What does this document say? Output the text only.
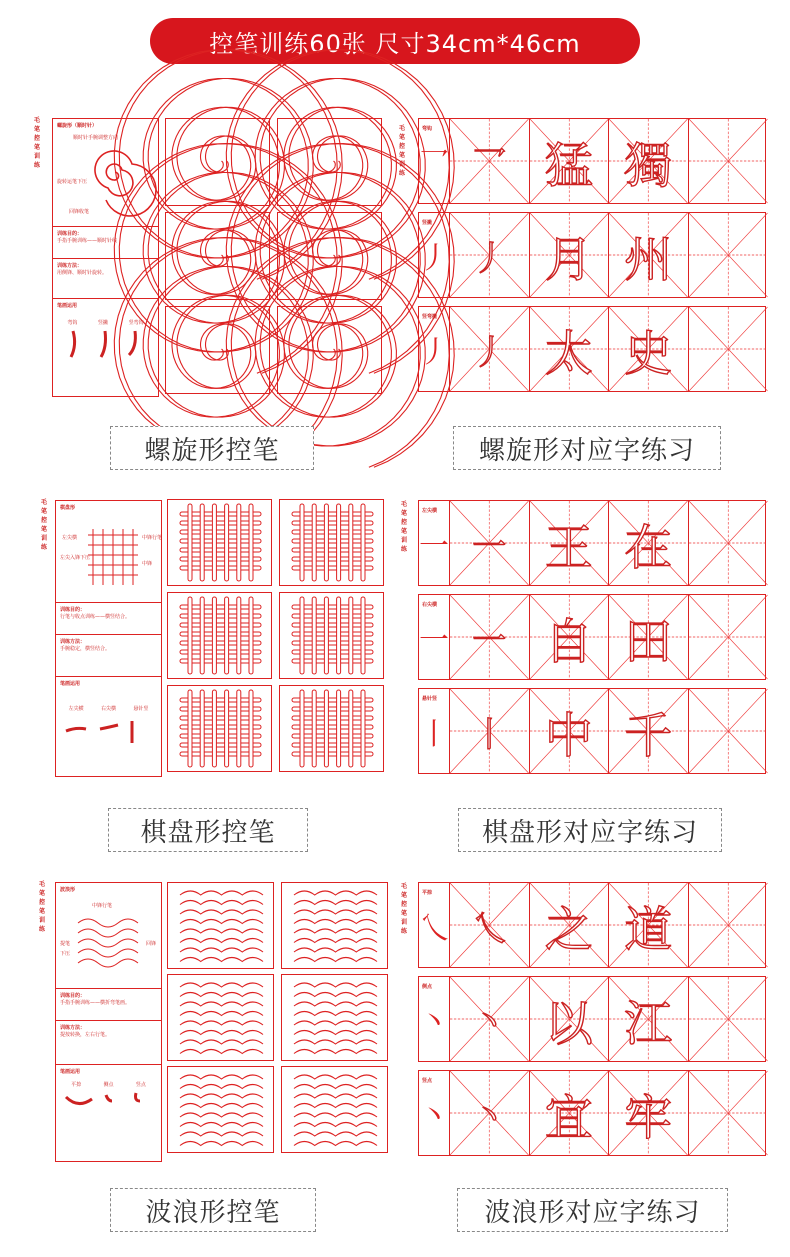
控笔训练60张 尺寸34cm*46cm
毛笔控笔训练
螺旋形（顺时针）
顺时针手腕调整方向
旋转运笔下压
回锋收笔
训练目的：
手指手腕训练——顺时针线
训练方法：
用侧锋、顺时针旋转。
笔画运用
弯钩	竖撇	竖弯钩
毛笔控笔训练
弯钩
乛 乛 猛 獨
竖撇
丿 丿 月 州
竖弯撇
丿 丿 太 史
螺旋形控笔	螺旋形对应字练习
毛笔控笔训练
棋盘形
左尖横	中锋行笔
左尖入锋下压
中锋
训练目的：
行笔与收点训练——横竖结合。
训练方法：
手腕稳定，横竖结合。
笔画运用
左尖横	右尖横	悬针竖
毛笔控笔训练
左尖横
一 一 王 在
右尖横
一 一 自 田
悬针竖
丨 丨 中 千
棋盘形控笔	棋盘形对应字练习
毛笔控笔训练
波浪形
中锋行笔
提笔	回锋
下压
训练目的：
手指手腕训练——横折弯笔画。
训练方法：
提按转换，左右行笔。
笔画运用
平捺	侧点	竖点
毛笔控笔训练
平捺
乀 乀 之 道
侧点
丶 丶 以 江
竖点
丶 丶 宜 牢
波浪形控笔	波浪形对应字练习
